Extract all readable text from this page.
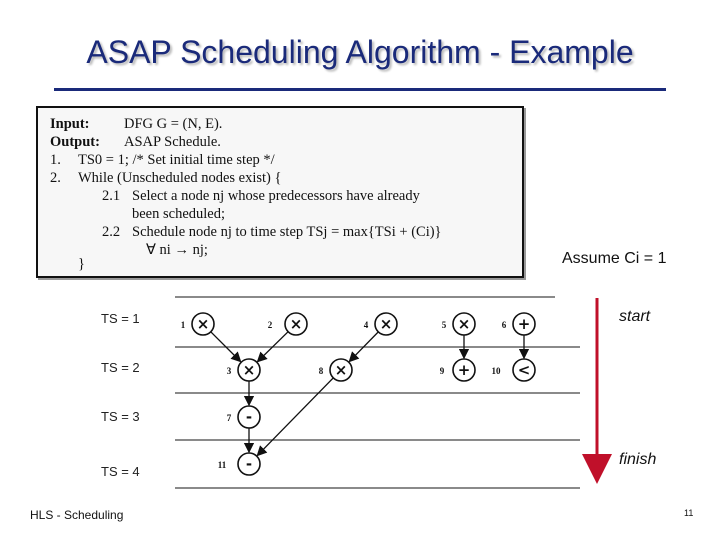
ASAP Scheduling Algorithm - Example
Input: DFG G = (N, E).
Output: ASAP Schedule.
1. TS0 = 1; /* Set initial time step */
2. While (Unscheduled nodes exist) {
2.1 Select a node nj whose predecessors have already
been scheduled;
2.2 Schedule node nj to time step TSj = max{TSi + (Ci)}
∀ ni → nj;
}	Assume Ci = 1
TS = 1
TS = 2
TS = 3
TS = 4
start
finish
×
1	×
2	×
4	×
5	+
6
×
3	×
8	+
9	<
10
-
7
-
11
HLS - Scheduling	11
